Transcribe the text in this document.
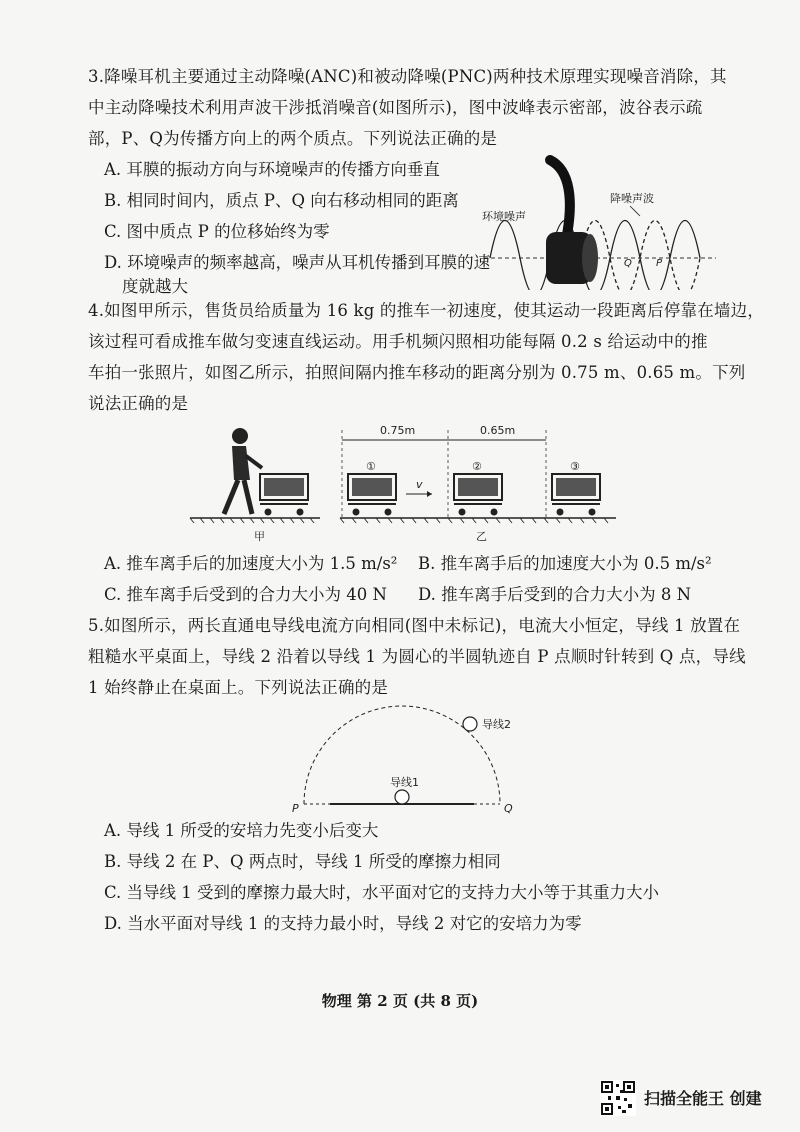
3.降噪耳机主要通过主动降噪(ANC)和被动降噪(PNC)两种技术原理实现噪音消除，其
中主动降噪技术利用声波干涉抵消噪音(如图所示)，图中波峰表示密部，波谷表示疏
部，P、Q为传播方向上的两个质点。下列说法正确的是
A. 耳膜的振动方向与环境噪声的传播方向垂直
B. 相同时间内，质点 P、Q 向右移动相同的距离
C. 图中质点 P 的位移始终为零
D. 环境噪声的频率越高，噪声从耳机传播到耳膜的速
度就越大
环境噪声
降噪声波
Q P
4.如图甲所示，售货员给质量为 16 kg 的推车一初速度，使其运动一段距离后停靠在墙边，
该过程可看成推车做匀变速直线运动。用手机频闪照相功能每隔 0.2 s 给运动中的推
车拍一张照片，如图乙所示，拍照间隔内推车移动的距离分别为 0.75 m、0.65 m。下列
说法正确的是
甲
0.75m	0.65m
①
v
②	③
乙
A. 推车离手后的加速度大小为 1.5 m/s² B. 推车离手后的加速度大小为 0.5 m/s²
C. 推车离手后受到的合力大小为 40 N D. 推车离手后受到的合力大小为 8 N
5.如图所示，两长直通电导线电流方向相同(图中未标记)，电流大小恒定，导线 1 放置在
粗糙水平桌面上，导线 2 沿着以导线 1 为圆心的半圆轨迹自 P 点顺时针转到 Q 点，导线
1 始终静止在桌面上。下列说法正确的是
导线1
导线2
P	Q
A. 导线 1 所受的安培力先变小后变大
B. 导线 2 在 P、Q 两点时，导线 1 所受的摩擦力相同
C. 当导线 1 受到的摩擦力最大时，水平面对它的支持力大小等于其重力大小
D. 当水平面对导线 1 的支持力最小时，导线 2 对它的安培力为零
物理 第 2 页 (共 8 页)
扫描全能王 创建
